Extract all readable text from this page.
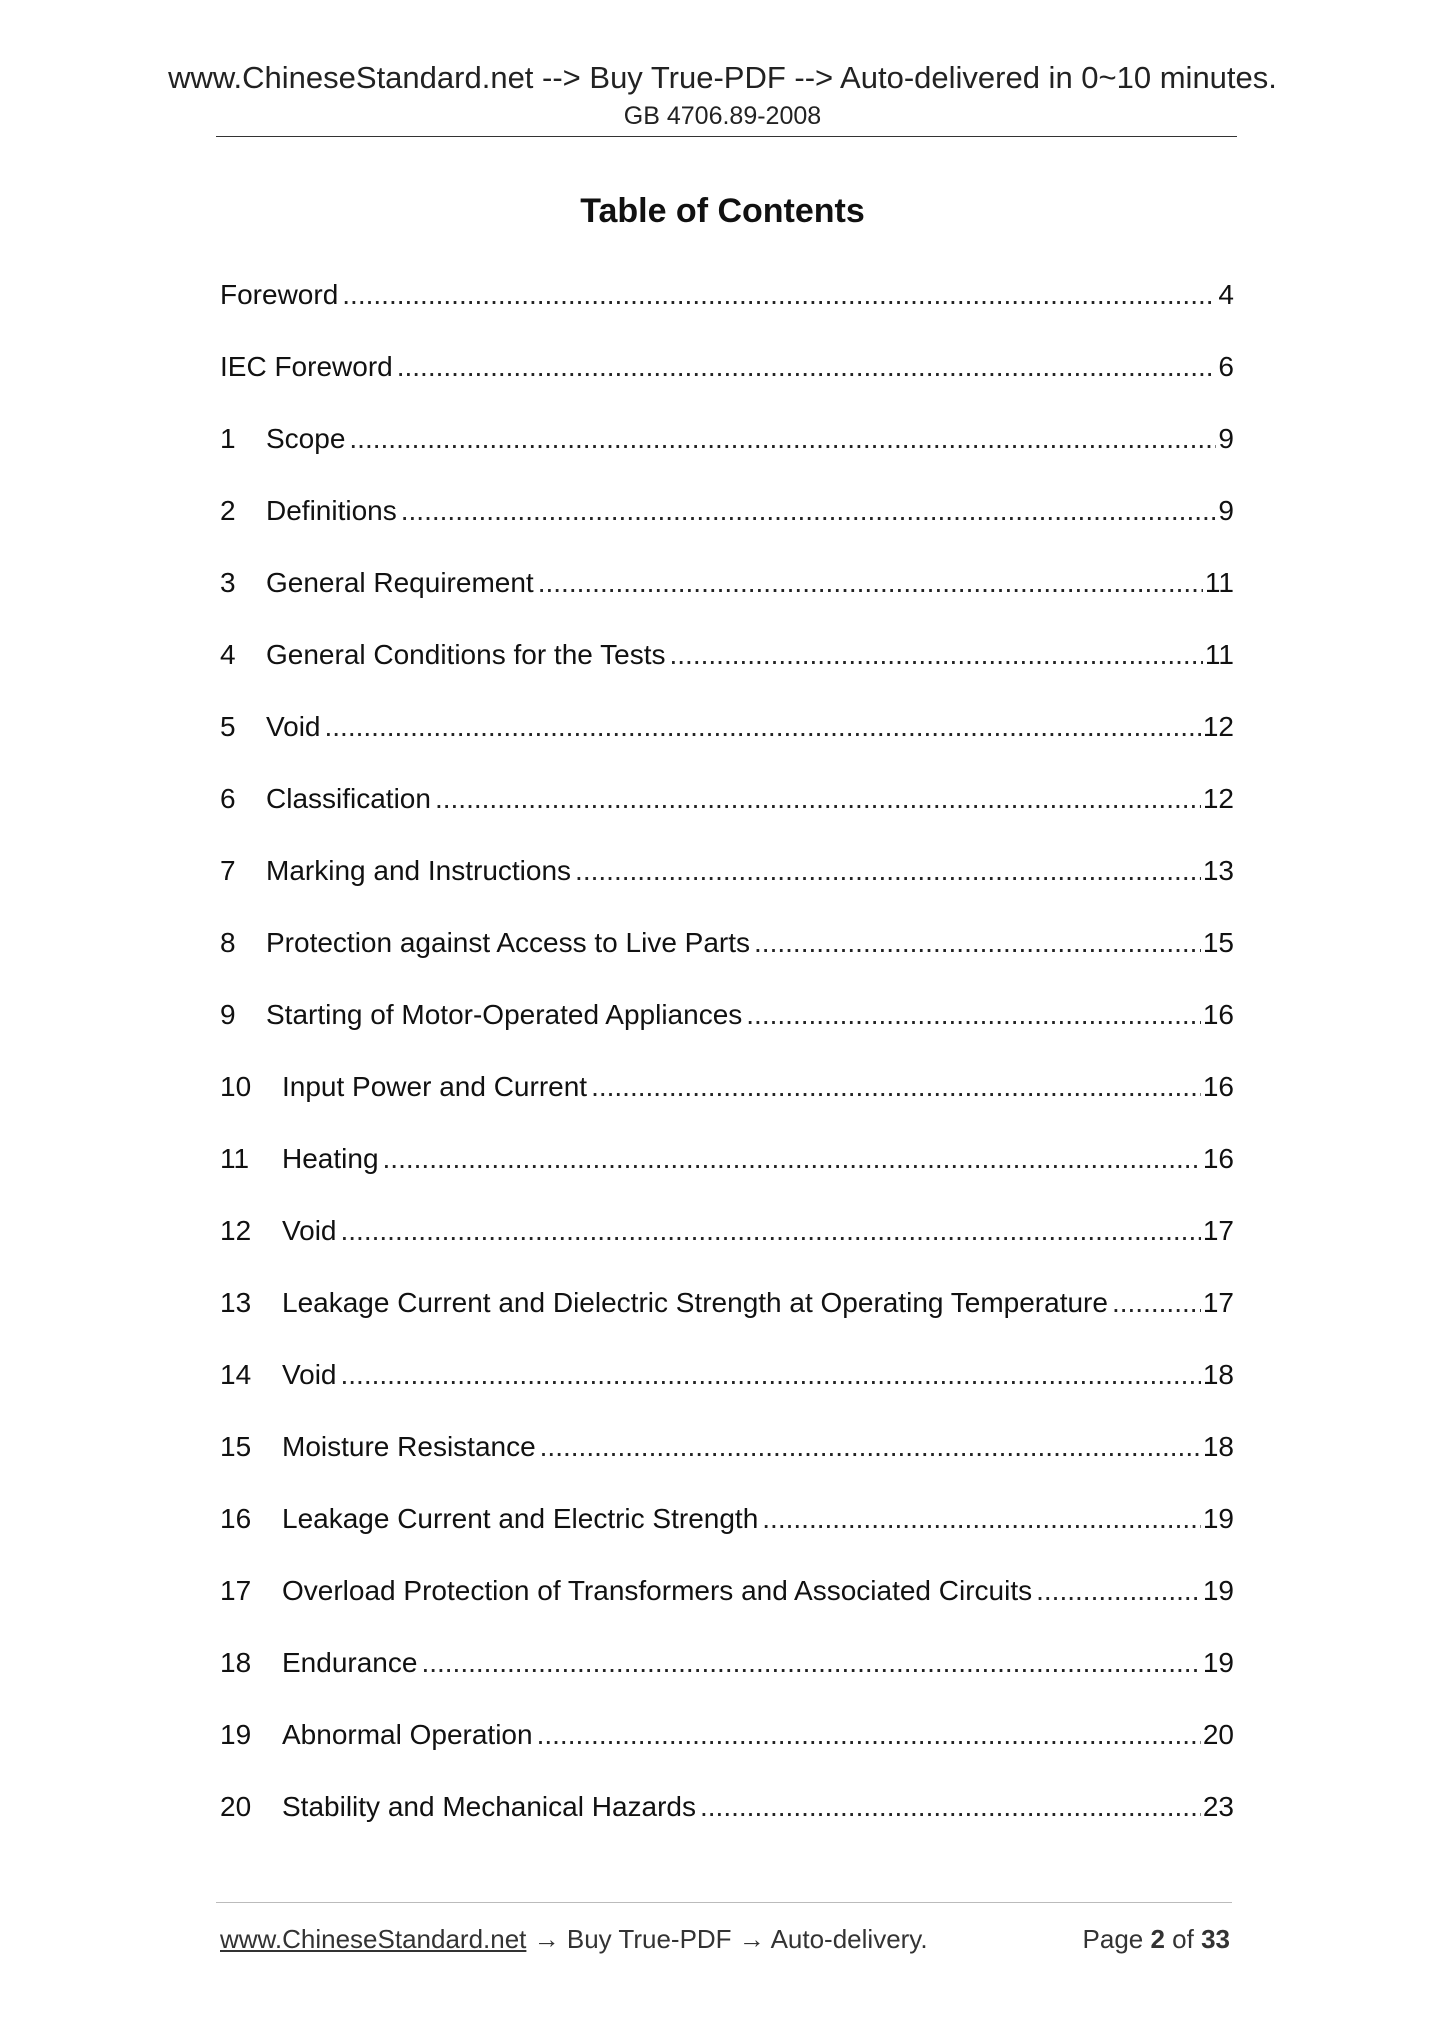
www.ChineseStandard.net --> Buy True-PDF --> Auto-delivered in 0~10 minutes.
GB 4706.89-2008
Table of Contents
Foreword .....	4
IEC Foreword .....	6
1	Scope .....	9
2	Definitions .....	9
3	General Requirement .....	11
4	General Conditions for the Tests .....	11
5	Void .....	12
6	Classification .....	12
7	Marking and Instructions .....	13
8	Protection against Access to Live Parts .....	15
9	Starting of Motor-Operated Appliances .....	16
10	Input Power and Current .....	16
11	Heating .....	16
12	Void .....	17
13	Leakage Current and Dielectric Strength at Operating Temperature .....	17
14	Void .....	18
15	Moisture Resistance .....	18
16	Leakage Current and Electric Strength .....	19
17	Overload Protection of Transformers and Associated Circuits .....	19
18	Endurance .....	19
19	Abnormal Operation .....	20
20	Stability and Mechanical Hazards .....	23
www.ChineseStandard.net → Buy True-PDF → Auto-delivery.	Page 2 of 33
